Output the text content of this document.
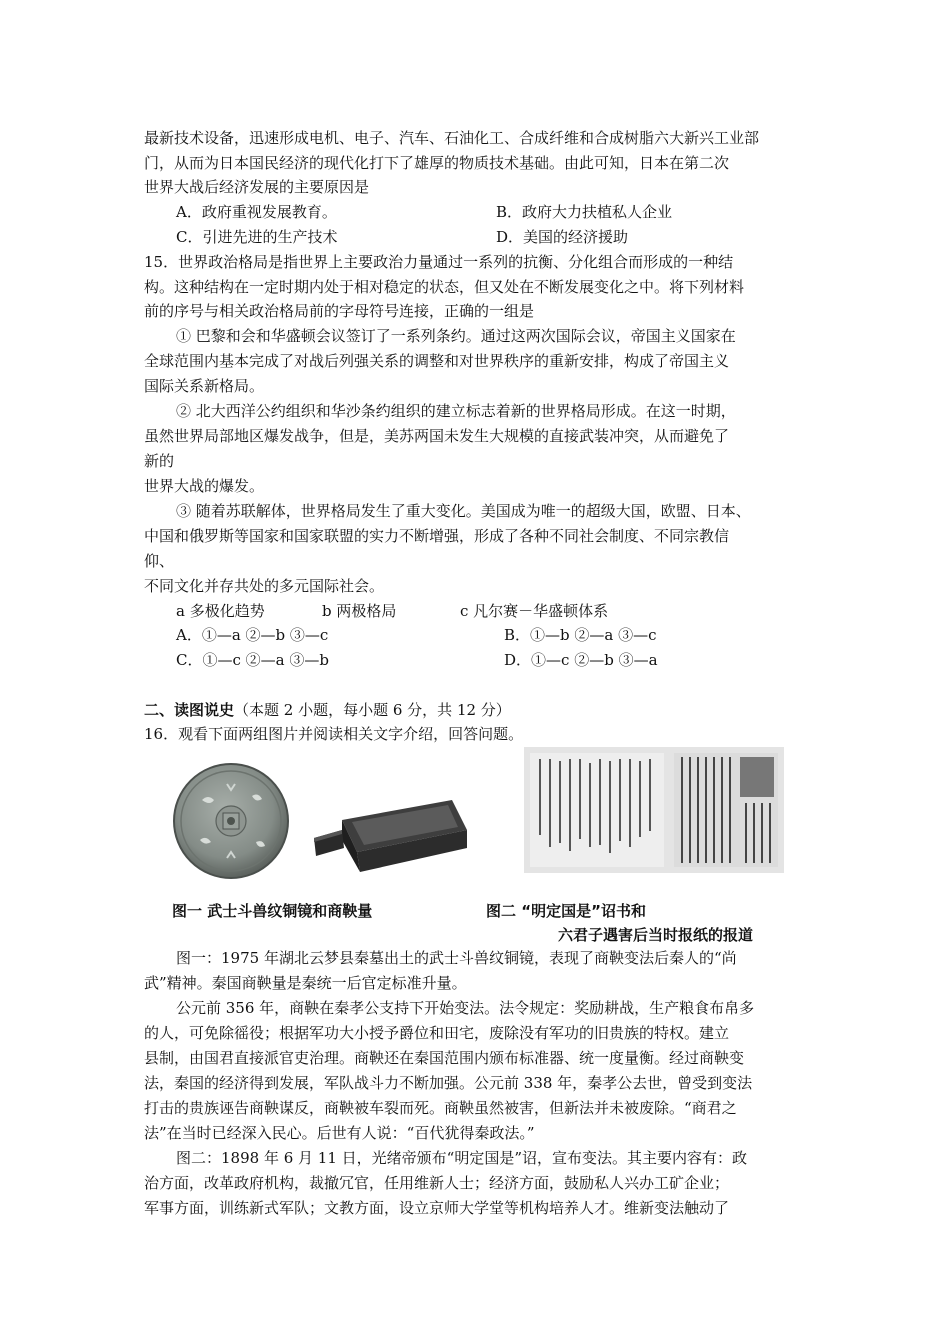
最新技术设备，迅速形成电机、电子、汽车、石油化工、合成纤维和合成树脂六大新兴工业部
门，从而为日本国民经济的现代化打下了雄厚的物质技术基础。由此可知，日本在第二次
世界大战后经济发展的主要原因是
A．政府重视发展教育。	B．政府大力扶植私人企业
C．引进先进的生产技术	D．美国的经济援助
15．世界政治格局是指世界上主要政治力量通过一系列的抗衡、分化组合而形成的一种结
构。这种结构在一定时期内处于相对稳定的状态，但又处在不断发展变化之中。将下列材料
前的序号与相关政治格局前的字母符号连接，正确的一组是
① 巴黎和会和华盛顿会议签订了一系列条约。通过这两次国际会议，帝国主义国家在
全球范围内基本完成了对战后列强关系的调整和对世界秩序的重新安排，构成了帝国主义
国际关系新格局。
② 北大西洋公约组织和华沙条约组织的建立标志着新的世界格局形成。在这一时期，
虽然世界局部地区爆发战争，但是，美苏两国未发生大规模的直接武装冲突，从而避免了
新的
世界大战的爆发。
③ 随着苏联解体，世界格局发生了重大变化。美国成为唯一的超级大国，欧盟、日本、
中国和俄罗斯等国家和国家联盟的实力不断增强，形成了各种不同社会制度、不同宗教信
仰、
不同文化并存共处的多元国际社会。
a 多极化趋势	b 两极格局	c 凡尔赛－华盛顿体系
A．①—a ②—b ③—c	B．①—b ②—a ③—c
C．①—c ②—a ③—b	D．①—c ②—b ③—a
二、读图说史（本题 2 小题，每小题 6 分，共 12 分）
16．观看下面两组图片并阅读相关文字介绍，回答问题。
图一 武士斗兽纹铜镜和商鞅量	图二 “明定国是”诏书和
六君子遇害后当时报纸的报道
图一：1975 年湖北云梦县秦墓出土的武士斗兽纹铜镜，表现了商鞅变法后秦人的“尚
武”精神。秦国商鞅量是秦统一后官定标准升量。
公元前 356 年，商鞅在秦孝公支持下开始变法。法令规定：奖励耕战，生产粮食布帛多
的人，可免除徭役；根据军功大小授予爵位和田宅，废除没有军功的旧贵族的特权。建立
县制，由国君直接派官吏治理。商鞅还在秦国范围内颁布标准器、统一度量衡。经过商鞅变
法，秦国的经济得到发展，军队战斗力不断加强。公元前 338 年，秦孝公去世，曾受到变法
打击的贵族诬告商鞅谋反，商鞅被车裂而死。商鞅虽然被害，但新法并未被废除。“商君之
法”在当时已经深入民心。后世有人说：“百代犹得秦政法。”
图二：1898 年 6 月 11 日，光绪帝颁布“明定国是”诏，宣布变法。其主要内容有：政
治方面，改革政府机构，裁撤冗官，任用维新人士；经济方面，鼓励私人兴办工矿企业；
军事方面，训练新式军队；文教方面，设立京师大学堂等机构培养人才。维新变法触动了
